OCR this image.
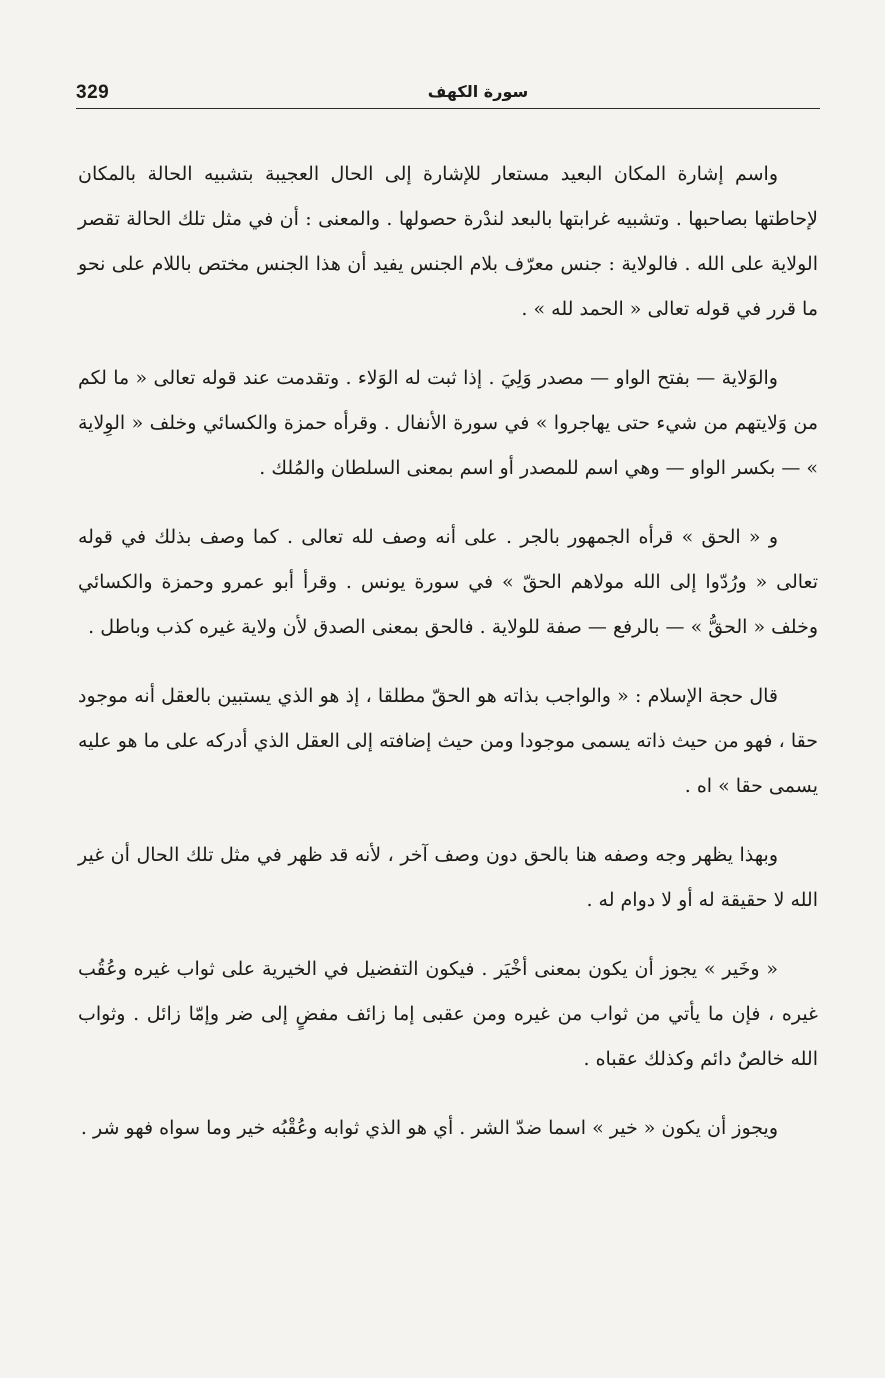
329	سورة الكهف

واسم إشارة المكان البعيد مستعار للإشارة إلى الحال العجيبة بتشبيه الحالة بالمكان لإحاطتها بصاحبها . وتشبيه غرابتها بالبعد لندْرة حصولها . والمعنى : أن في مثل تلك الحالة تقصر الولاية على الله . فالولاية : جنس معرّف بلام الجنس يفيد أن هذا الجنس مختص باللام على نحو ما قرر في قوله تعالى « الحمد لله » .

والوَلاية — بفتح الواو — مصدر وَلِيَ . إذا ثبت له الوَلاء . وتقدمت عند قوله تعالى « ما لكم من وَلايتهم من شيء حتى يهاجروا » في سورة الأنفال . وقرأه حمزة والكسائي وخلف « الوِلاية » — بكسر الواو — وهي اسم للمصدر أو اسم بمعنى السلطان والمُلك .

و « الحق » قرأه الجمهور بالجر . على أنه وصف لله تعالى . كما وصف بذلك في قوله تعالى « ورُدّوا إلى الله مولاهم الحقّ » في سورة يونس . وقرأ أبو عمرو وحمزة والكسائي وخلف « الحقُّ » — بالرفع — صفة للولاية . فالحق بمعنى الصدق لأن ولاية غيره كذب وباطل .

قال حجة الإسلام : « والواجب بذاته هو الحقّ مطلقا ، إذ هو الذي يستبين بالعقل أنه موجود حقا ، فهو من حيث ذاته يسمى موجودا ومن حيث إضافته إلى العقل الذي أدركه على ما هو عليه يسمى حقا » اه .

وبهذا يظهر وجه وصفه هنا بالحق دون وصف آخر ، لأنه قد ظهر في مثل تلك الحال أن غير الله لا حقيقة له أو لا دوام له .

« وخَير » يجوز أن يكون بمعنى أخْيَر . فيكون التفضيل في الخيرية على ثواب غيره وعُقُب غيره ، فإن ما يأتي من ثواب من غيره ومن عقبى إما زائف مفضٍ إلى ضر وإمّا زائل . وثواب الله خالصٌ دائم وكذلك عقباه .

ويجوز أن يكون « خير » اسما ضدّ الشر . أي هو الذي ثوابه وعُقْبُه خير وما سواه فهو شر .
